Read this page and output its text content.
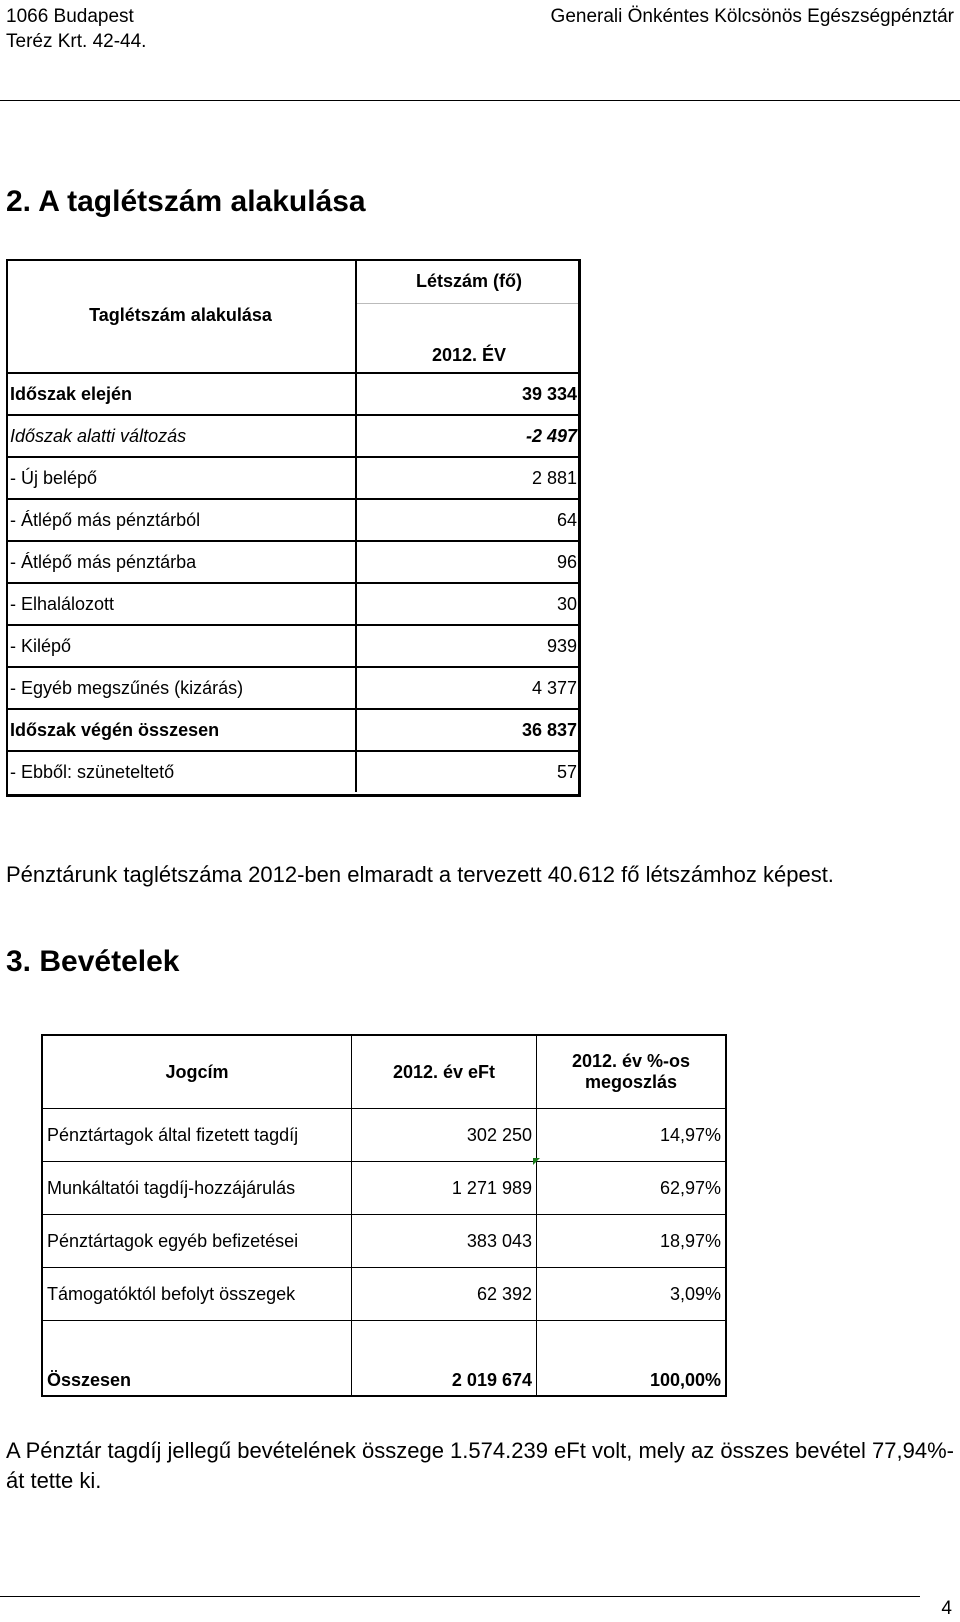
1066 Budapest
Teréz Krt. 42-44.
Generali Önkéntes Kölcsönös Egészségpénztár
2. A taglétszám alakulása
Taglétszám alakulása	Létszám (fő)
	2012. ÉV
Időszak elején	39 334
Időszak alatti változás	-2 497
- Új belépő	2 881
- Átlépő más pénztárból	64
- Átlépő más pénztárba	96
- Elhalálozott	30
- Kilépő	939
- Egyéb megszűnés (kizárás)	4 377
Időszak végén összesen	36 837
- Ebből: szüneteltető	57
Pénztárunk taglétszáma 2012-ben elmaradt a tervezett 40.612 fő létszámhoz képest.
3. Bevételek
Jogcím	2012. év eFt	2012. év %-os megoszlás
Pénztártagok által fizetett tagdíj	302 250	14,97%
Munkáltatói tagdíj-hozzájárulás	1 271 989	62,97%
Pénztártagok egyéb befizetései	383 043	18,97%
Támogatóktól befolyt összegek	62 392	3,09%
Összesen	2 019 674	100,00%
A Pénztár tagdíj jellegű bevételének összege 1.574.239 eFt volt, mely az összes bevétel 77,94%-át tette ki.
4
